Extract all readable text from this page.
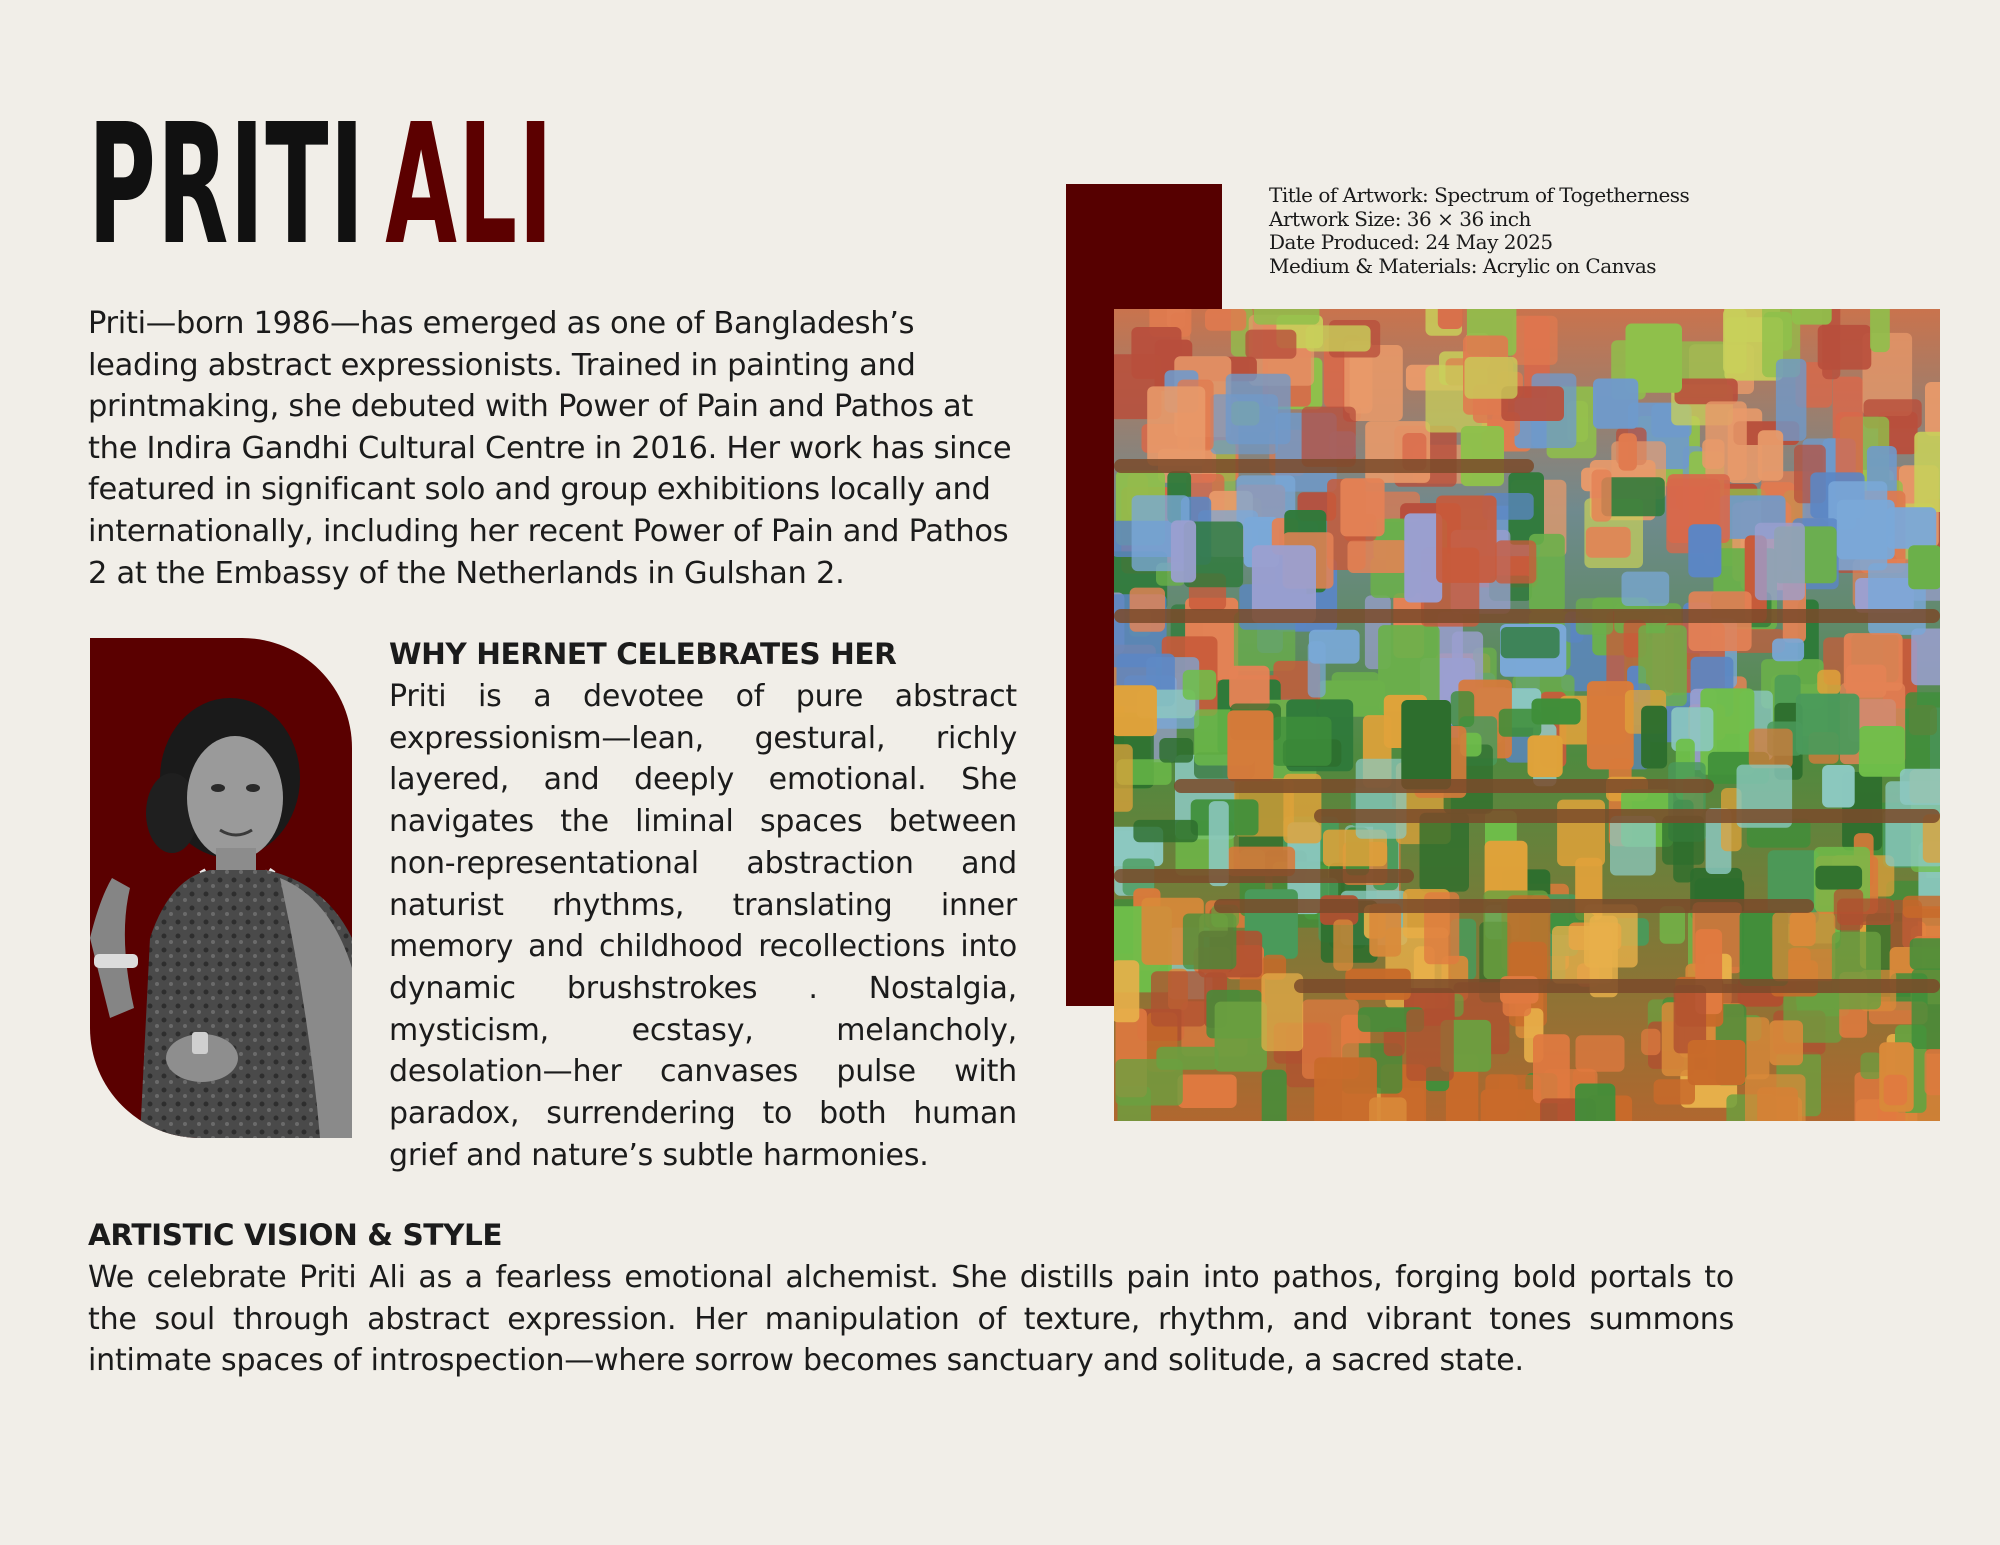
PRITI ALI
Priti—born 1986—has emerged as one of Bangladesh’s leading abstract expressionists. Trained in painting and printmaking, she debuted with Power of Pain and Pathos at the Indira Gandhi Cultural Centre in 2016. Her work has since featured in significant solo and group exhibitions locally and internationally, including her recent Power of Pain and Pathos 2 at the Embassy of the Netherlands in Gulshan 2.
WHY HERNET CELEBRATES HER
Priti is a devotee of pure abstract expressionism—lean, gestural, richly layered, and deeply emotional. She navigates the liminal spaces between non-representational abstraction and naturist rhythms, translating inner memory and childhood recollections into dynamic brushstrokes . Nostalgia, mysticism, ecstasy, melancholy, desolation—her canvases pulse with paradox, surrendering to both human grief and nature’s subtle harmonies.
ARTISTIC VISION & STYLE
We celebrate Priti Ali as a fearless emotional alchemist. She distills pain into pathos, forging bold portals to the soul through abstract expression. Her manipulation of texture, rhythm, and vibrant tones summons intimate spaces of introspection—where sorrow becomes sanctuary and solitude, a sacred state.
Title of Artwork: Spectrum of Togetherness
Artwork Size: 36 × 36 inch
Date Produced: 24 May 2025
Medium & Materials: Acrylic on Canvas
